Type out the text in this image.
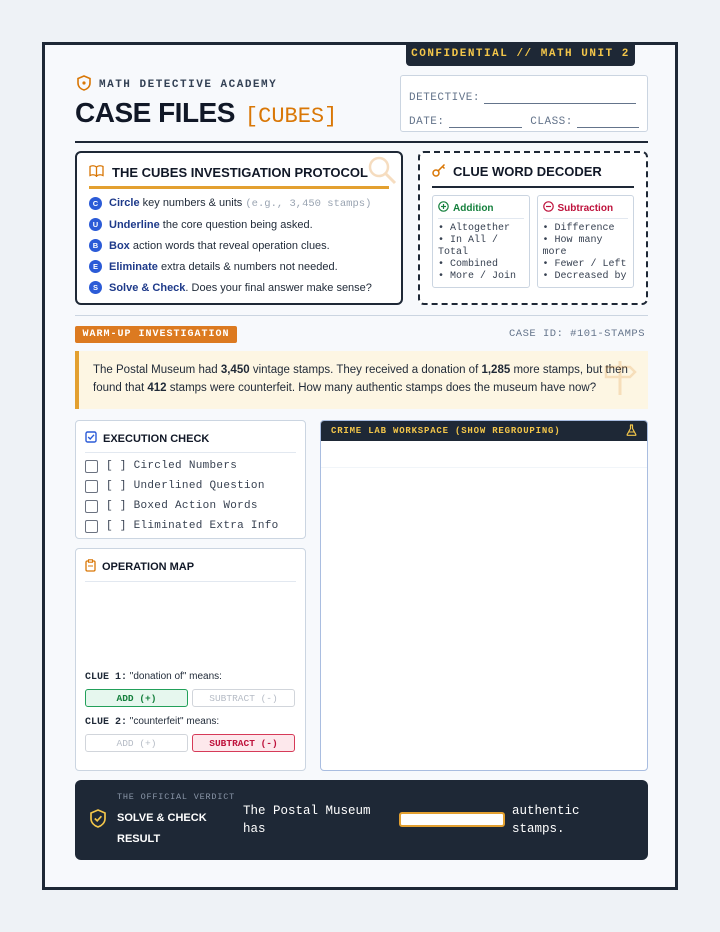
CONFIDENTIAL // MATH UNIT 2
MATH DETECTIVE ACADEMY
CASE FILES [CUBES]
DETECTIVE:
DATE:	CLASS:
THE CUBES INVESTIGATION PROTOCOL
C Circle key numbers & units (e.g., 3,450 stamps)
U Underline the core question being asked.
B Box action words that reveal operation clues.
E	Eliminate extra details & numbers not needed.
S	Solve & Check. Does your final answer make sense?
CLUE WORD DECODER
Addition
• Altogether
• In All /
Total
• Combined
• More / Join
Subtraction
• Difference
• How many
more
• Fewer / Left
• Decreased by
WARM-UP INVESTIGATION	CASE ID: #101-STAMPS
The Postal Museum had 3,450 vintage stamps. They received a donation of 1,285 more stamps, but then found that 412 stamps were counterfeit. How many authentic stamps does the museum have now?
EXECUTION CHECK
[ ] Circled Numbers
[ ] Underlined Question
[ ] Boxed Action Words
[ ] Eliminated Extra Info
OPERATION MAP
CLUE 1: "donation of" means:
ADD (+)	SUBTRACT (-)
CLUE 2: "counterfeit" means:
ADD (+)	SUBTRACT (-)
CRIME LAB WORKSPACE (SHOW REGROUPING)
THE OFFICIAL VERDICT
SOLVE & CHECK RESULT
The Postal Museum has
authentic stamps.
